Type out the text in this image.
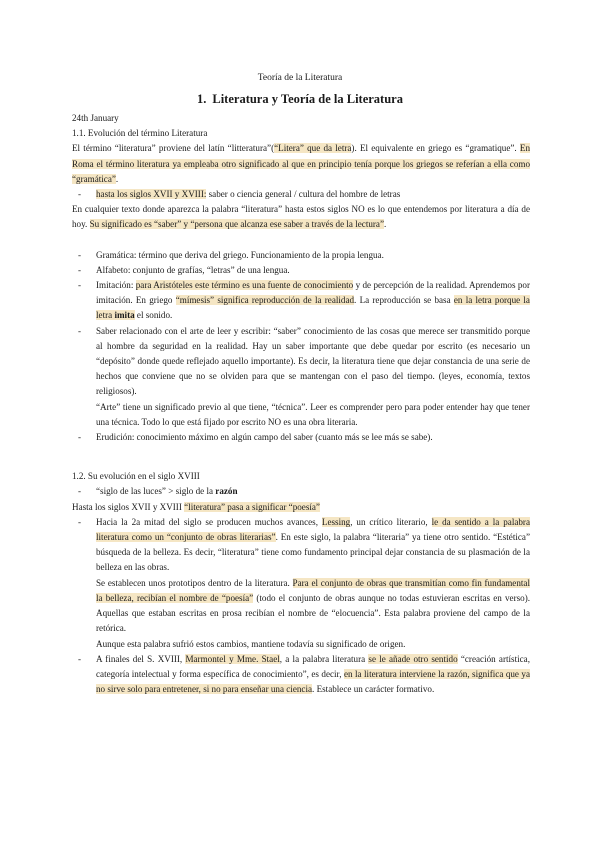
Teoría de la Literatura
1. Literatura y Teoría de la Literatura

24th January

1.1. Evolución del término Literatura

El término “literatura” proviene del latín “litteratura”(“Litera” que da letra). El equivalente en griego es “gramatique”. En Roma el término literatura ya empleaba otro significado al que en principio tenía porque los griegos se referían a ella como “gramática”.

- hasta los siglos XVII y XVIII: saber o ciencia general / cultura del hombre de letras

En cualquier texto donde aparezca la palabra “literatura” hasta estos siglos NO es lo que entendemos por literatura a día de hoy. Su significado es “saber” y “persona que alcanza ese saber a través de la lectura”.

- Gramática: término que deriva del griego. Funcionamiento de la propia lengua.
- Alfabeto: conjunto de grafías, “letras” de una lengua.
- Imitación: para Aristóteles este término es una fuente de conocimiento y de percepción de la realidad. Aprendemos por imitación. En griego “mímesis” significa reproducción de la realidad. La reproducción se basa en la letra porque la letra imita el sonido.

- Saber relacionado con el arte de leer y escribir: “saber” conocimiento de las cosas que merece ser transmitido porque al hombre da seguridad en la realidad. Hay un saber importante que debe quedar por escrito (es necesario un “depósito” donde quede reflejado aquello importante). Es decir, la literatura tiene que dejar constancia de una serie de hechos que conviene que no se olviden para que se mantengan con el paso del tiempo. (leyes, economía, textos religiosos).

“Arte” tiene un significado previo al que tiene, “técnica”. Leer es comprender pero para poder entender hay que tener una técnica. Todo lo que está fijado por escrito NO es una obra literaria.

- Erudición: conocimiento máximo en algún campo del saber (cuanto más se lee más se sabe).

1.2. Su evolución en el siglo XVIII

- “siglo de las luces” > siglo de la razón

Hasta los siglos XVII y XVIII “literatura” pasa a significar “poesía”

- Hacia la 2a mitad del siglo se producen muchos avances, Lessing, un crítico literario, le da sentido a la palabra literatura como un “conjunto de obras literarias”. En este siglo, la palabra “literaria” ya tiene otro sentido. “Estética” búsqueda de la belleza. Es decir, “literatura” tiene como fundamento principal dejar constancia de su plasmación de la belleza en las obras.

Se establecen unos prototipos dentro de la literatura. Para el conjunto de obras que transmitían como fin fundamental la belleza, recibían el nombre de “poesía” (todo el conjunto de obras aunque no todas estuvieran escritas en verso). Aquellas que estaban escritas en prosa recibían el nombre de “elocuencia”. Esta palabra proviene del campo de la retórica.

Aunque esta palabra sufrió estos cambios, mantiene todavía su significado de origen.

- A finales del S. XVIII, Marmontel y Mme. Stael, a la palabra literatura se le añade otro sentido “creación artística, categoría intelectual y forma específica de conocimiento”, es decir, en la literatura interviene la razón, significa que ya no sirve solo para entretener, si no para enseñar una ciencia. Establece un carácter formativo.
